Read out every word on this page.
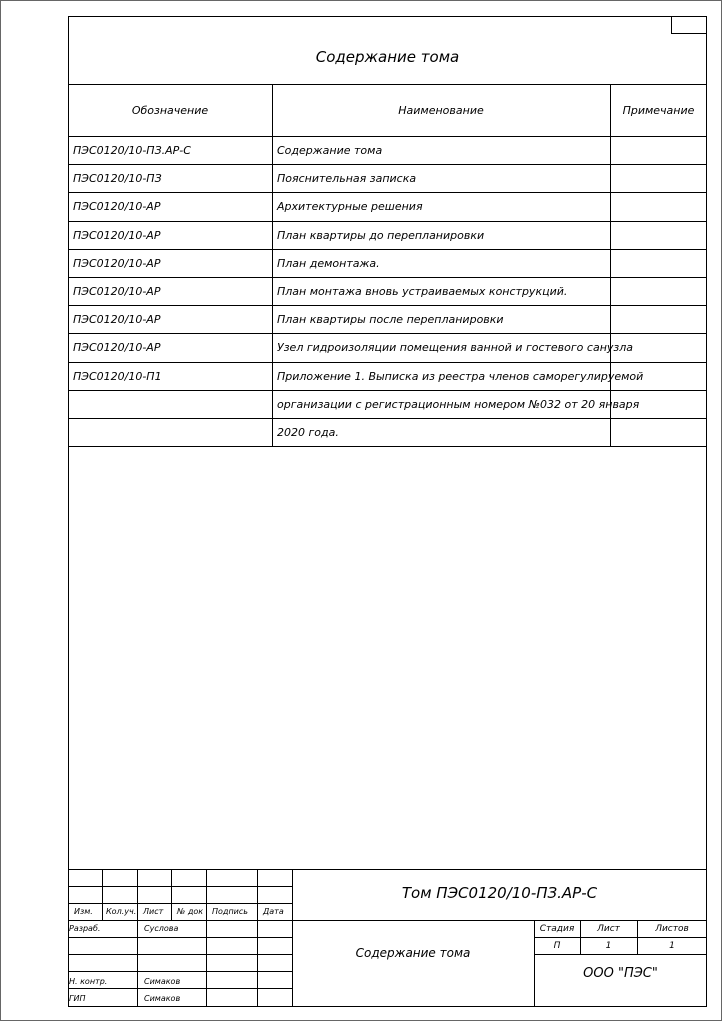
Содержание тома
Обозначение	Наименование	Примечание
ПЭС0120/10-ПЗ.АР-С	Содержание тома
ПЭС0120/10-ПЗ	Пояснительная записка
ПЭС0120/10-АР	Архитектурные решения
ПЭС0120/10-АР	План квартиры до перепланировки
ПЭС0120/10-АР	План демонтажа.
ПЭС0120/10-АР	План монтажа вновь устраиваемых конструкций.
ПЭС0120/10-АР	План квартиры после перепланировки
ПЭС0120/10-АР	Узел гидроизоляции помещения ванной и гостевого санузла
ПЭС0120/10-П1	Приложение 1. Выписка из реестра членов саморегулируемой
организации с регистрационным номером №032 от 20 января
2020 года.
Изм. Кол.уч. Лист № док Подпись Дата
Разраб.	Суслова
Н. контр.	Симаков
ГИП	Симаков
Том ПЭС0120/10-ПЗ.АР-С
Содержание тома
Стадия	Лист	Листов
П	1	1
ООО "ПЭС"
